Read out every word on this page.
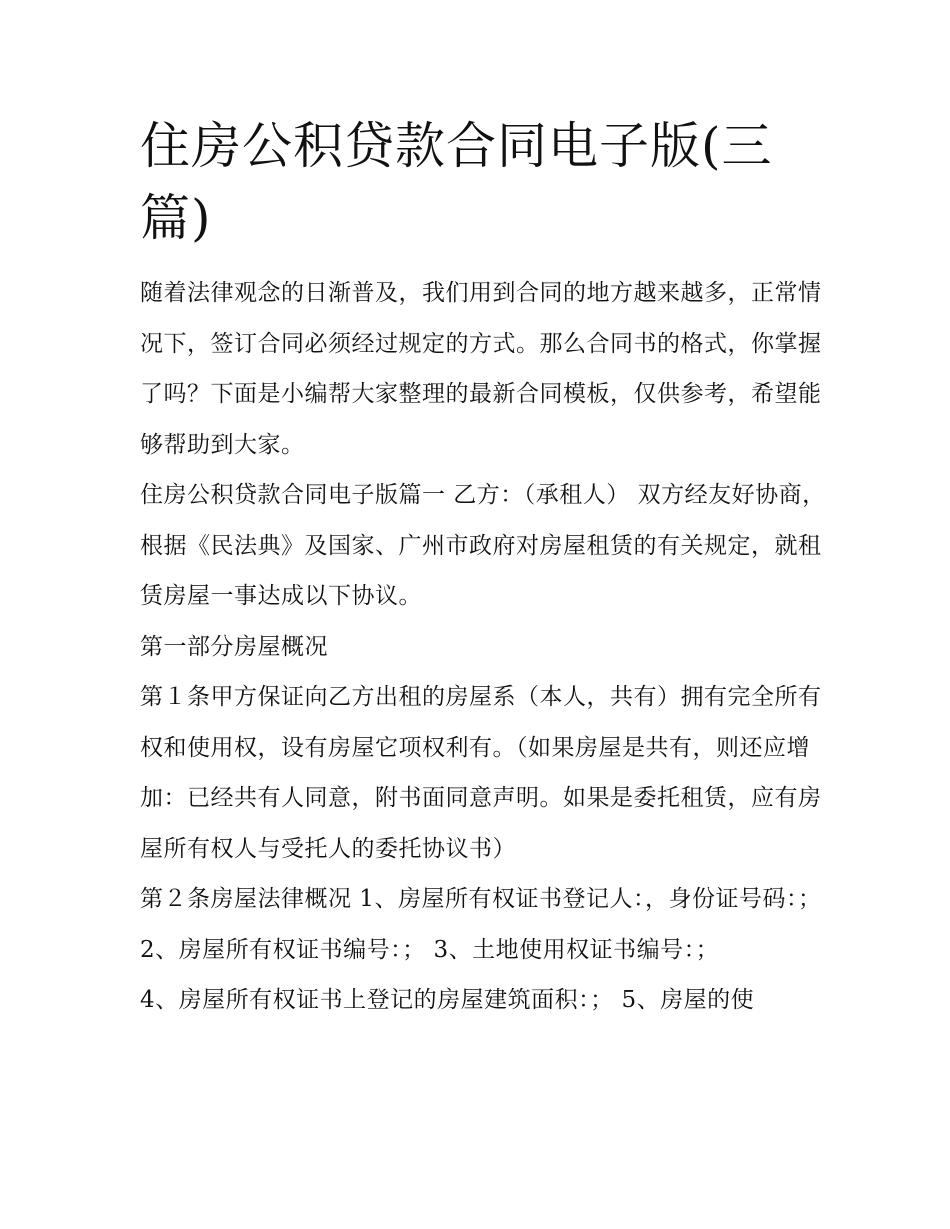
住房公积贷款合同电子版(三篇)

随着法律观念的日渐普及，我们用到合同的地方越来越多，正常情况下，签订合同必须经过规定的方式。那么合同书的格式，你掌握了吗？下面是小编帮大家整理的最新合同模板，仅供参考，希望能够帮助到大家。

住房公积贷款合同电子版篇一 乙方：（承租人） 双方经友好协商，根据《民法典》及国家、广州市政府对房屋租赁的有关规定，就租赁房屋一事达成以下协议。

第一部分房屋概况

第１条甲方保证向乙方出租的房屋系（本人，共有）拥有完全所有权和使用权，设有房屋它项权利有。（如果房屋是共有，则还应增加：已经共有人同意，附书面同意声明。如果是委托租赁，应有房屋所有权人与受托人的委托协议书）

第２条房屋法律概况 1、房屋所有权证书登记人：，身份证号码：； 2、房屋所有权证书编号：； 3、土地使用权证书编号：；

4、房屋所有权证书上登记的房屋建筑面积：； 5、房屋的使
